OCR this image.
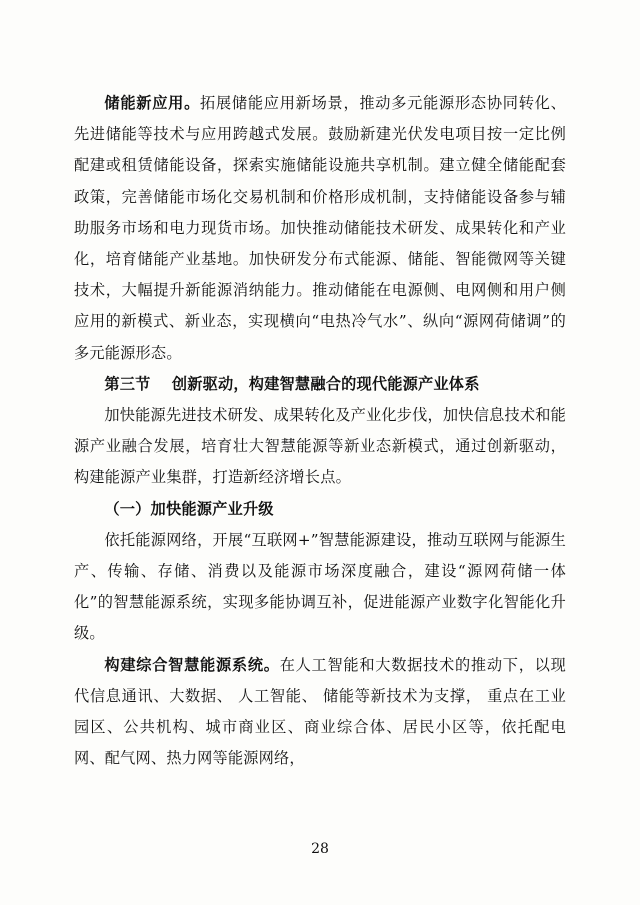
储能新应用。拓展储能应用新场景，推动多元能源形态协同转化、先进储能等技术与应用跨越式发展。鼓励新建光伏发电项目按一定比例配建或租赁储能设备，探索实施储能设施共享机制。建立健全储能配套政策，完善储能市场化交易机制和价格形成机制，支持储能设备参与辅助服务市场和电力现货市场。加快推动储能技术研发、成果转化和产业化，培育储能产业基地。加快研发分布式能源、储能、智能微网等关键技术，大幅提升新能源消纳能力。推动储能在电源侧、电网侧和用户侧应用的新模式、新业态，实现横向“电热冷气水”、纵向“源网荷储调”的多元能源形态。

第三节 创新驱动，构建智慧融合的现代能源产业体系

加快能源先进技术研发、成果转化及产业化步伐，加快信息技术和能源产业融合发展，培育壮大智慧能源等新业态新模式，通过创新驱动，构建能源产业集群，打造新经济增长点。

（一）加快能源产业升级

依托能源网络，开展“互联网+”智慧能源建设，推动互联网与能源生产、传输、存储、消费以及能源市场深度融合，建设“源网荷储一体化”的智慧能源系统，实现多能协调互补，促进能源产业数字化智能化升级。

构建综合智慧能源系统。在人工智能和大数据技术的推动下，以现代信息通讯、大数据、 人工智能、 储能等新技术为支撑， 重点在工业园区、公共机构、城市商业区、商业综合体、居民小区等，依托配电网、配气网、热力网等能源网络，

28
